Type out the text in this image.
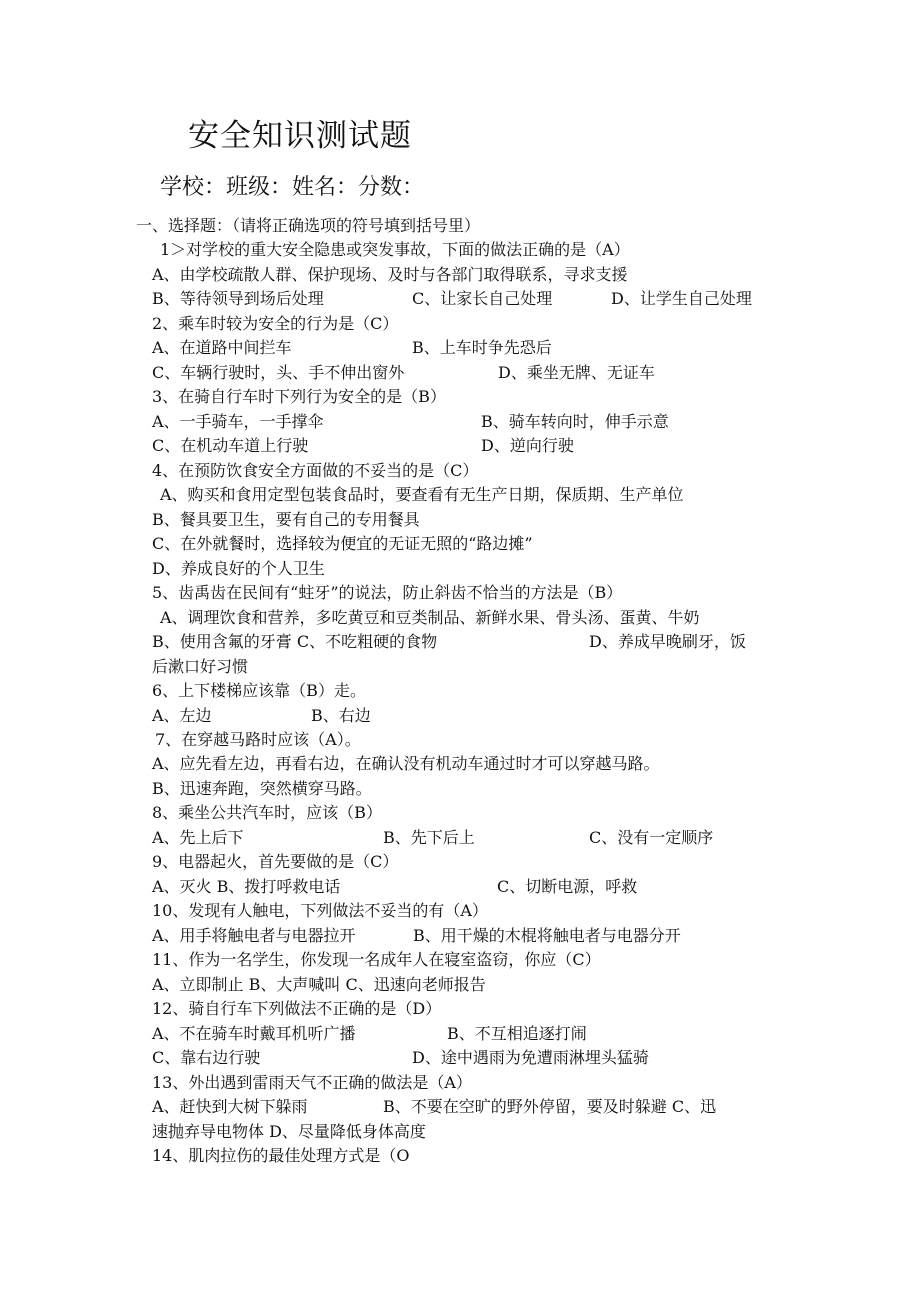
安全知识测试题
学校：班级：姓名：分数：
一、选择题：（请将正确选项的符号填到括号里）
1＞对学校的重大安全隐患或突发事故，下面的做法正确的是（A）
A、由学校疏散人群、保护现场、及时与各部门取得联系，寻求支援
B、等待领导到场后处理	C、让家长自己处理	D、让学生自己处理
2、乘车时较为安全的行为是（C）
A、在道路中间拦车	B、上车时争先恐后
C、车辆行驶时，头、手不伸出窗外	D、乘坐无牌、无证车
3、在骑自行车时下列行为安全的是（B）
A、一手骑车，一手撑伞	B、骑车转向时，伸手示意
C、在机动车道上行驶	D、逆向行驶
4、在预防饮食安全方面做的不妥当的是（C）
A、购买和食用定型包装食品时，要查看有无生产日期，保质期、生产单位
B、餐具要卫生，要有自己的专用餐具
C、在外就餐时，选择较为便宜的无证无照的“路边摊”
D、养成良好的个人卫生
5、齿禹齿在民间有“蛀牙”的说法，防止斜齿不恰当的方法是（B）
A、调理饮食和营养，多吃黄豆和豆类制品、新鲜水果、骨头汤、蛋黄、牛奶
B、使用含氟的牙膏 C、不吃粗硬的食物	D、养成早晚刷牙，饭
后漱口好习惯
6、上下楼梯应该靠（B）走。
A、左边	B、右边
7、在穿越马路时应该（A）。
A、应先看左边，再看右边，在确认没有机动车通过时才可以穿越马路。
B、迅速奔跑，突然横穿马路。
8、乘坐公共汽车时，应该（B）
A、先上后下	B、先下后上	C、没有一定顺序
9、电器起火，首先要做的是（C）
A、灭火 B、拨打呼救电话	C、切断电源，呼救
10、发现有人触电，下列做法不妥当的有（A）
A、用手将触电者与电器拉开	B、用干燥的木棍将触电者与电器分开
11、作为一名学生，你发现一名成年人在寝室盗窃，你应（C）
A、立即制止 B、大声喊叫 C、迅速向老师报告
12、骑自行车下列做法不正确的是（D）
A、不在骑车时戴耳机听广播	B、不互相追逐打闹
C、靠右边行驶	D、途中遇雨为免遭雨淋埋头猛骑
13、外出遇到雷雨天气不正确的做法是（A）
A、赶快到大树下躲雨	B、不要在空旷的野外停留，要及时躲避 C、迅
速抛弃导电物体 D、尽量降低身体高度
14、肌肉拉伤的最佳处理方式是（O
